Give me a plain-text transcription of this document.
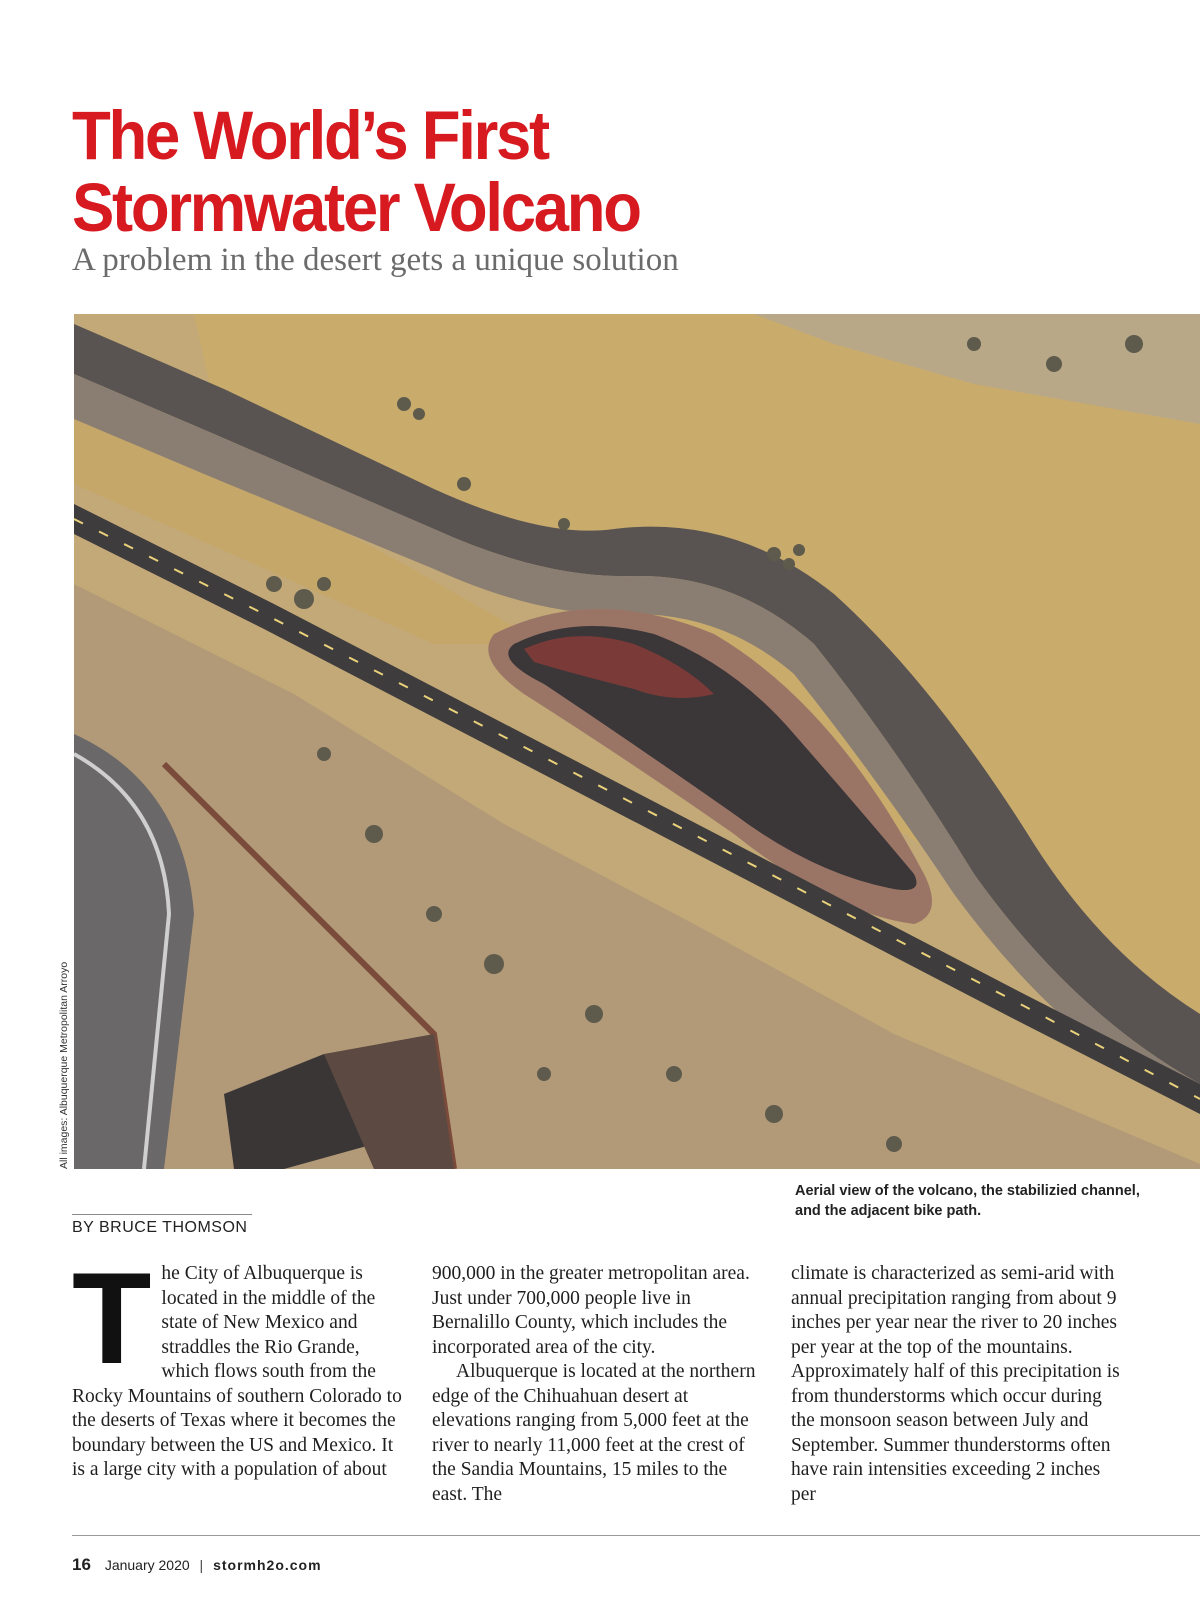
The World’s First
Stormwater Volcano
A problem in the desert gets a unique solution
All images: Albuquerque Metropolitan Arroyo

Aerial view of the volcano, the stabilizied channel, and the adjacent bike path.

BY BRUCE THOMSON

T he City of Albuquerque is located in the middle of the state of New Mexico and straddles the Rio Grande, which flows south from the Rocky Mountains of southern Colorado to the deserts of Texas where it becomes the boundary between the US and Mexico. It is a large city with a population of about

900,000 in the greater metropolitan area. Just under 700,000 people live in Bernalillo County, which includes the incorporated area of the city.

Albuquerque is located at the northern edge of the Chihuahuan desert at elevations ranging from 5,000 feet at the river to nearly 11,000 feet at the crest of the Sandia Mountains, 15 miles to the east. The

climate is characterized as semi-arid with annual precipitation ranging from about 9 inches per year near the river to 20 inches per year at the top of the mountains. Approximately half of this precipitation is from thunderstorms which occur during the monsoon season between July and September. Summer thunderstorms often have rain intensities exceeding 2 inches per

16 January 2020 | stormh2o.com
